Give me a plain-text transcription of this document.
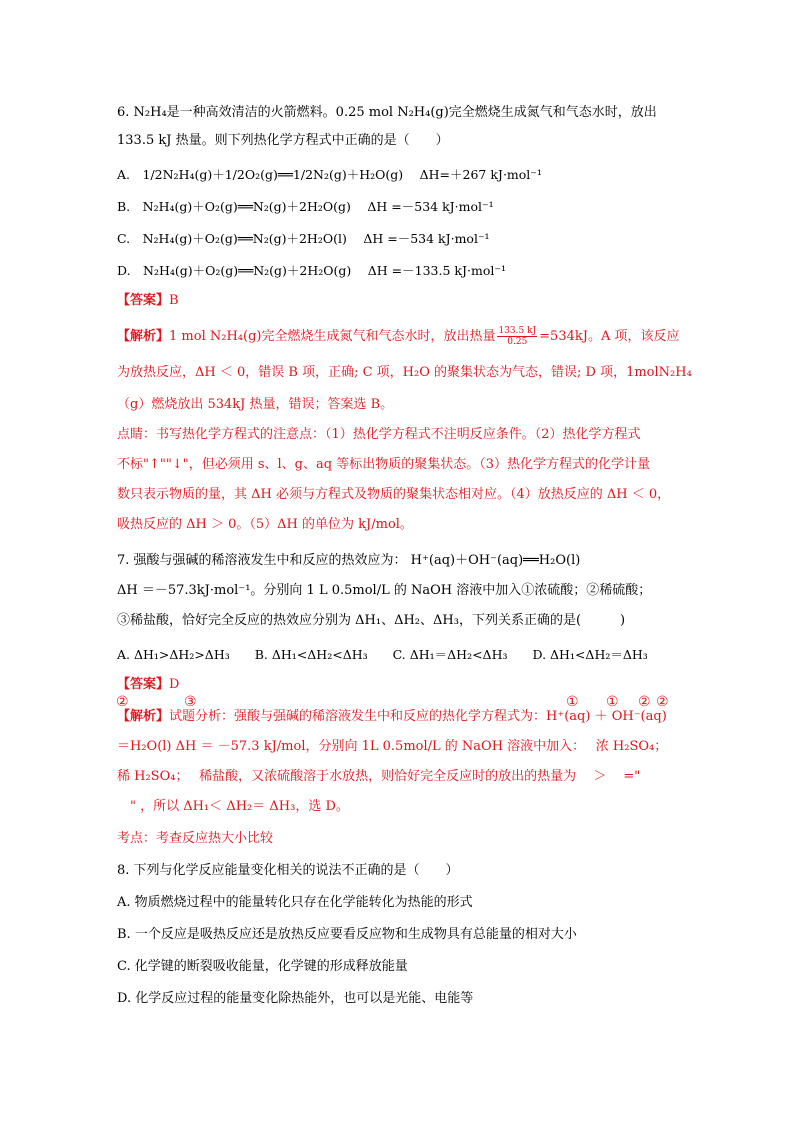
6. N₂H₄是一种高效清洁的火箭燃料。0.25 mol N₂H₄(g)完全燃烧生成氮气和气态水时，放出
133.5 kJ 热量。则下列热化学方程式中正确的是（　　）
A.　1/2N₂H₄(g)＋1/2O₂(g)══1/2N₂(g)＋H₂O(g)　 ΔH=＋267 kJ·mol⁻¹
B.　N₂H₄(g)＋O₂(g)══N₂(g)＋2H₂O(g)　 ΔH =－534 kJ·mol⁻¹
C.　N₂H₄(g)＋O₂(g)══N₂(g)＋2H₂O(l)　 ΔH =－534 kJ·mol⁻¹
D.　N₂H₄(g)＋O₂(g)══N₂(g)＋2H₂O(g)　 ΔH =－133.5 kJ·mol⁻¹
【答案】B
【解析】1 mol N₂H₄(g)完全燃烧生成氮气和气态水时，放出热量 $\frac{133.5 kJ}{0.25} =534kJ$。A 项，该反应
为放热反应，ΔH ＜ 0，错误 B 项，正确; C 项，H₂O 的聚集状态为气态，错误; D 项，1molN₂H₄
（g）燃烧放出 534kJ 热量，错误；答案选 B。
点睛：书写热化学方程式的注意点：（1）热化学方程式不注明反应条件。（2）热化学方程式
不标"↑""↓"，但必须用 s、l、g、aq 等标出物质的聚集状态。（3）热化学方程式的化学计量
数只表示物质的量，其 ΔH 必须与方程式及物质的聚集状态相对应。（4）放热反应的 ΔH ＜ 0，
吸热反应的 ΔH ＞ 0。（5）ΔH 的单位为 kJ/mol。
7. 强酸与强碱的稀溶液发生中和反应的热效应为： H⁺(aq)＋OH⁻(aq)══H₂O(l)
ΔH ＝－57.3kJ·mol⁻¹。分别向 1 L 0.5mol/L 的 NaOH 溶液中加入①浓硫酸；②稀硫酸；
③稀盐酸，恰好完全反应的热效应分别为 ΔH₁、ΔH₂、ΔH₃，下列关系正确的是(　　　)
A. ΔH₁>ΔH₂>ΔH₃　　B. ΔH₁<ΔH₂<ΔH₃　　C. ΔH₁＝ΔH₂<ΔH₃　　D. ΔH₁<ΔH₂＝ΔH₃
【答案】D
②	③	① ① ② ②
【解析】试题分析：强酸与强碱的稀溶液发生中和反应的热化学方程式为：H⁺(aq) ＋ OH⁻(aq)
＝H₂O(l) ΔH ＝ －57.3 kJ/mol，分别向 1L 0.5mol/L 的 NaOH 溶液中加入：　 浓 H₂SO₄；
稀 H₂SO₄；　 稀盐酸，又浓硫酸溶于水放热，则恰好完全反应时的放出的热量为　 ＞　 ="
　" ，所以 ΔH₁＜ ΔH₂＝ ΔH₃，选 D。
考点：考查反应热大小比较
8. 下列与化学反应能量变化相关的说法不正确的是（　　）
A. 物质燃烧过程中的能量转化只存在化学能转化为热能的形式
B. 一个反应是吸热反应还是放热反应要看反应物和生成物具有总能量的相对大小
C. 化学键的断裂吸收能量，化学键的形成释放能量
D. 化学反应过程的能量变化除热能外，也可以是光能、电能等
